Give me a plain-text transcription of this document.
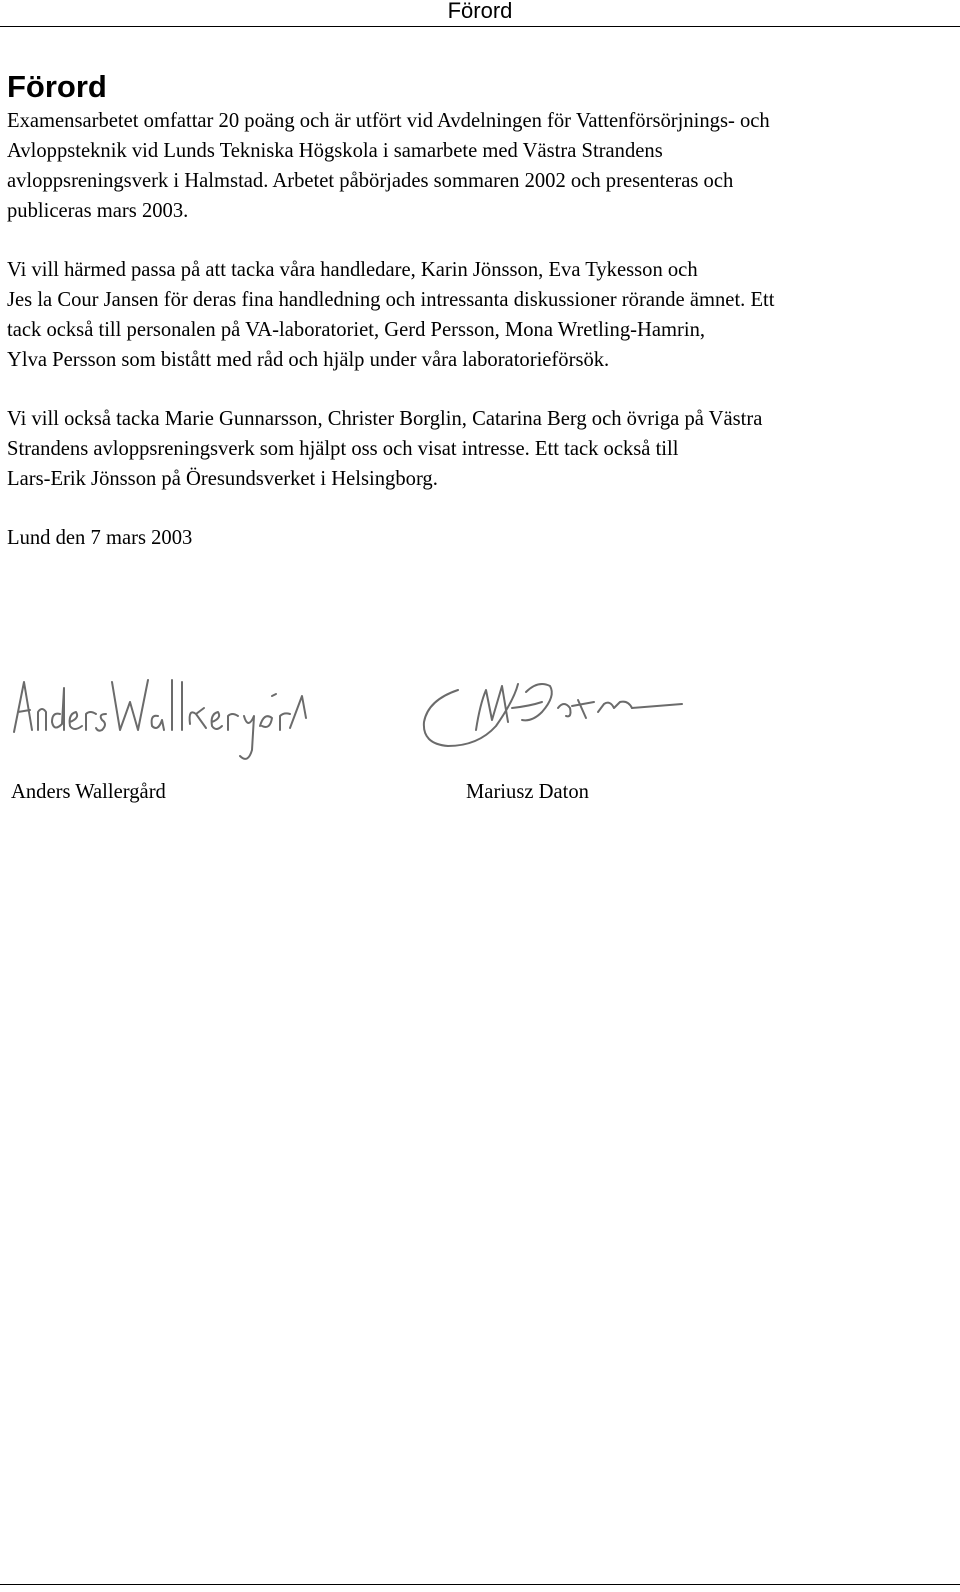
Förord
Förord

Examensarbetet omfattar 20 poäng och är utfört vid Avdelningen för Vattenförsörjnings- och
Avloppsteknik vid Lunds Tekniska Högskola i samarbete med Västra Strandens
avloppsreningsverk i Halmstad. Arbetet påbörjades sommaren 2002 och presenteras och
publiceras mars 2003.

Vi vill härmed passa på att tacka våra handledare, Karin Jönsson, Eva Tykesson och
Jes la Cour Jansen för deras fina handledning och intressanta diskussioner rörande ämnet. Ett
tack också till personalen på VA-laboratoriet, Gerd Persson, Mona Wretling-Hamrin,
Ylva Persson som bistått med råd och hjälp under våra laboratorieförsök.

Vi vill också tacka Marie Gunnarsson, Christer Borglin, Catarina Berg och övriga på Västra
Strandens avloppsreningsverk som hjälpt oss och visat intresse. Ett tack också till
Lars-Erik Jönsson på Öresundsverket i Helsingborg.

Lund den 7 mars 2003

Anders Wallergård	Mariusz Daton
